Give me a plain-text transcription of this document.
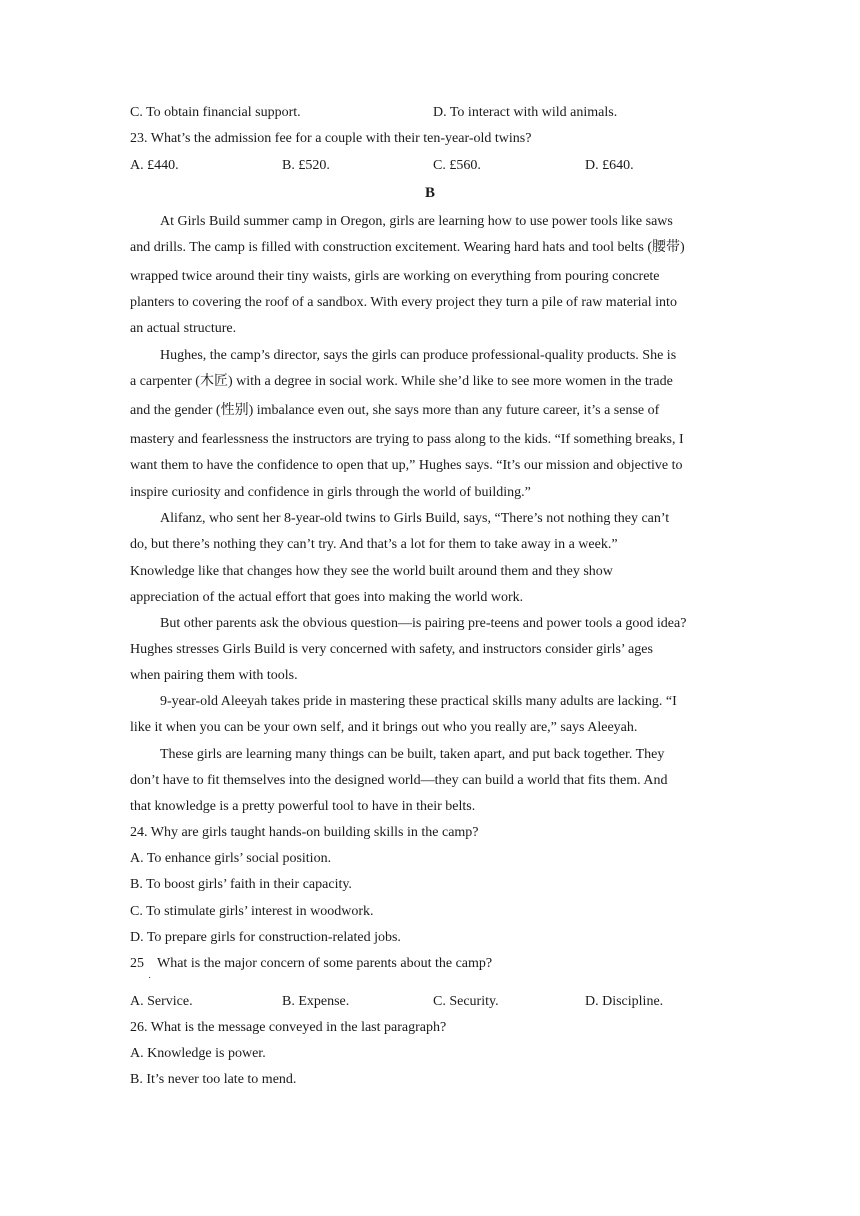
C. To obtain financial support.	D. To interact with wild animals.
23. What’s the admission fee for a couple with their ten-year-old twins?
A. £440.	B. £520.	C. £560.	D. £640.
B
At Girls Build summer camp in Oregon, girls are learning how to use power tools like saws
and drills. The camp is filled with construction excitement. Wearing hard hats and tool belts (腰带)
wrapped twice around their tiny waists, girls are working on everything from pouring concrete
planters to covering the roof of a sandbox. With every project they turn a pile of raw material into
an actual structure.
Hughes, the camp’s director, says the girls can produce professional-quality products. She is
a carpenter (木匠) with a degree in social work. While she’d like to see more women in the trade
and the gender (性别) imbalance even out, she says more than any future career, it’s a sense of
mastery and fearlessness the instructors are trying to pass along to the kids. “If something breaks, I
want them to have the confidence to open that up,” Hughes says. “It’s our mission and objective to
inspire curiosity and confidence in girls through the world of building.”
Alifanz, who sent her 8-year-old twins to Girls Build, says, “There’s not nothing they can’t
do, but there’s nothing they can’t try. And that’s a lot for them to take away in a week.”
Knowledge like that changes how they see the world built around them and they show
appreciation of the actual effort that goes into making the world work.
But other parents ask the obvious question—is pairing pre-teens and power tools a good idea?
Hughes stresses Girls Build is very concerned with safety, and instructors consider girls’ ages
when pairing them with tools.
9-year-old Aleeyah takes pride in mastering these practical skills many adults are lacking. “I
like it when you can be your own self, and it brings out who you really are,” says Aleeyah.
These girls are learning many things can be built, taken apart, and put back together. They
don’t have to fit themselves into the designed world—they can build a world that fits them. And
that knowledge is a pretty powerful tool to have in their belts.
24. Why are girls taught hands-on building skills in the camp?
A. To enhance girls’ social position.
B. To boost girls’ faith in their capacity.
C. To stimulate girls’ interest in woodwork.
D. To prepare girls for construction-related jobs.
25
˙
What is the major concern of some parents about the camp?
A. Service.	B. Expense.	C. Security.	D. Discipline.
26. What is the message conveyed in the last paragraph?
A. Knowledge is power.
B. It’s never too late to mend.
